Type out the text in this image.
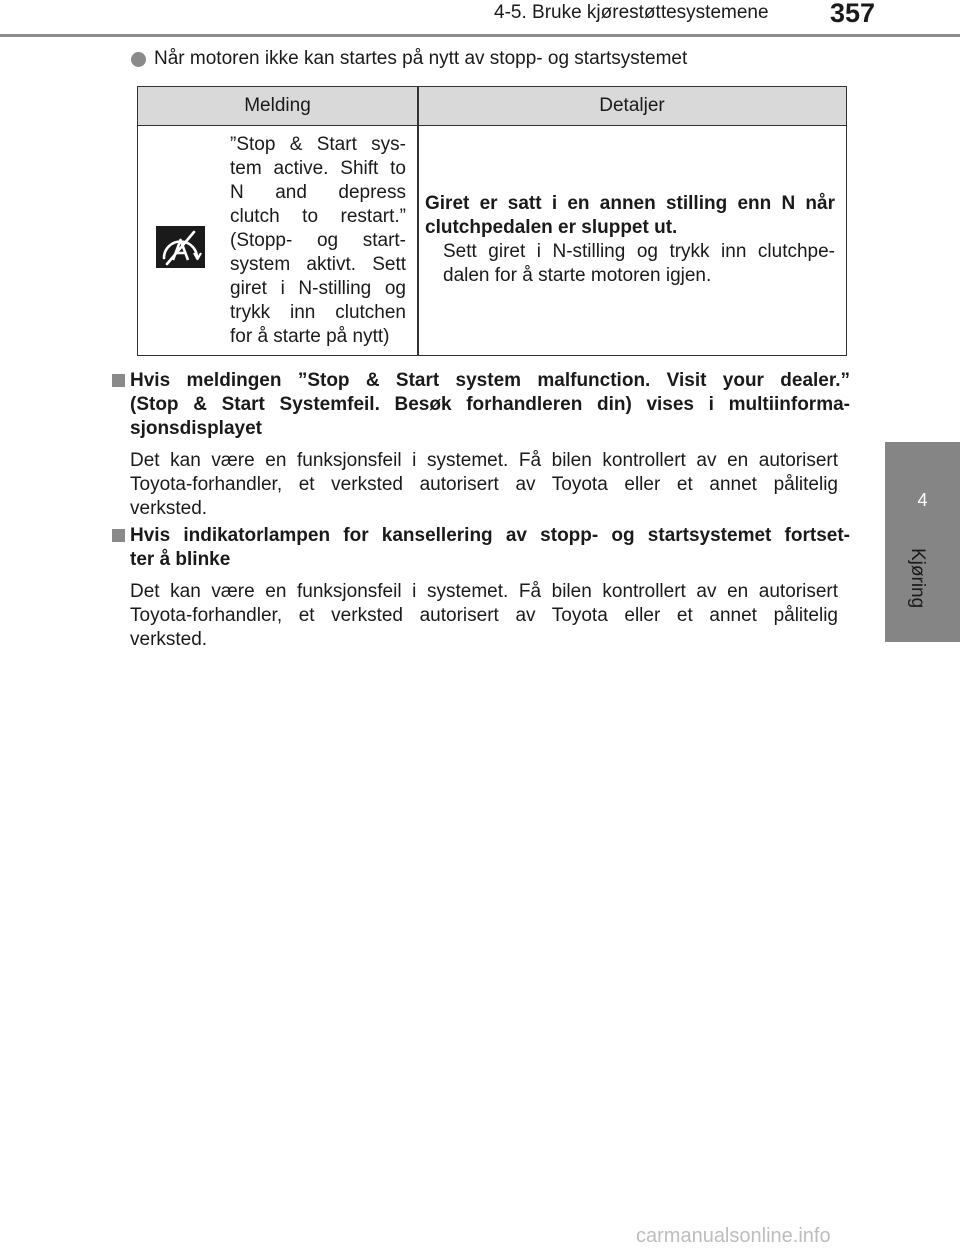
4-5. Bruke kjørestøttesystemene 357
4
Kjøring
Når motoren ikke kan startes på nytt av stopp- og startsystemet
Melding	Detaljer
”Stop & Start sys-
tem active. Shift to
N and depress
clutch to restart.”
(Stopp- og start-
system aktivt. Sett
giret i N-stilling og
trykk inn clutchen
for å starte på nytt)
Giret er satt i en annen stilling enn N når
clutchpedalen er sluppet ut.
Sett giret i N-stilling og trykk inn clutchpe-
dalen for å starte motoren igjen.
Hvis meldingen ”Stop & Start system malfunction. Visit your dealer.”
(Stop & Start Systemfeil. Besøk forhandleren din) vises i multiinforma-
sjonsdisplayet
Det kan være en funksjonsfeil i systemet. Få bilen kontrollert av en autorisert
Toyota-forhandler, et verksted autorisert av Toyota eller et annet pålitelig
verksted.
Hvis indikatorlampen for kansellering av stopp- og startsystemet fortset-
ter å blinke
Det kan være en funksjonsfeil i systemet. Få bilen kontrollert av en autorisert
Toyota-forhandler, et verksted autorisert av Toyota eller et annet pålitelig
verksted.
carmanualsonline.info
